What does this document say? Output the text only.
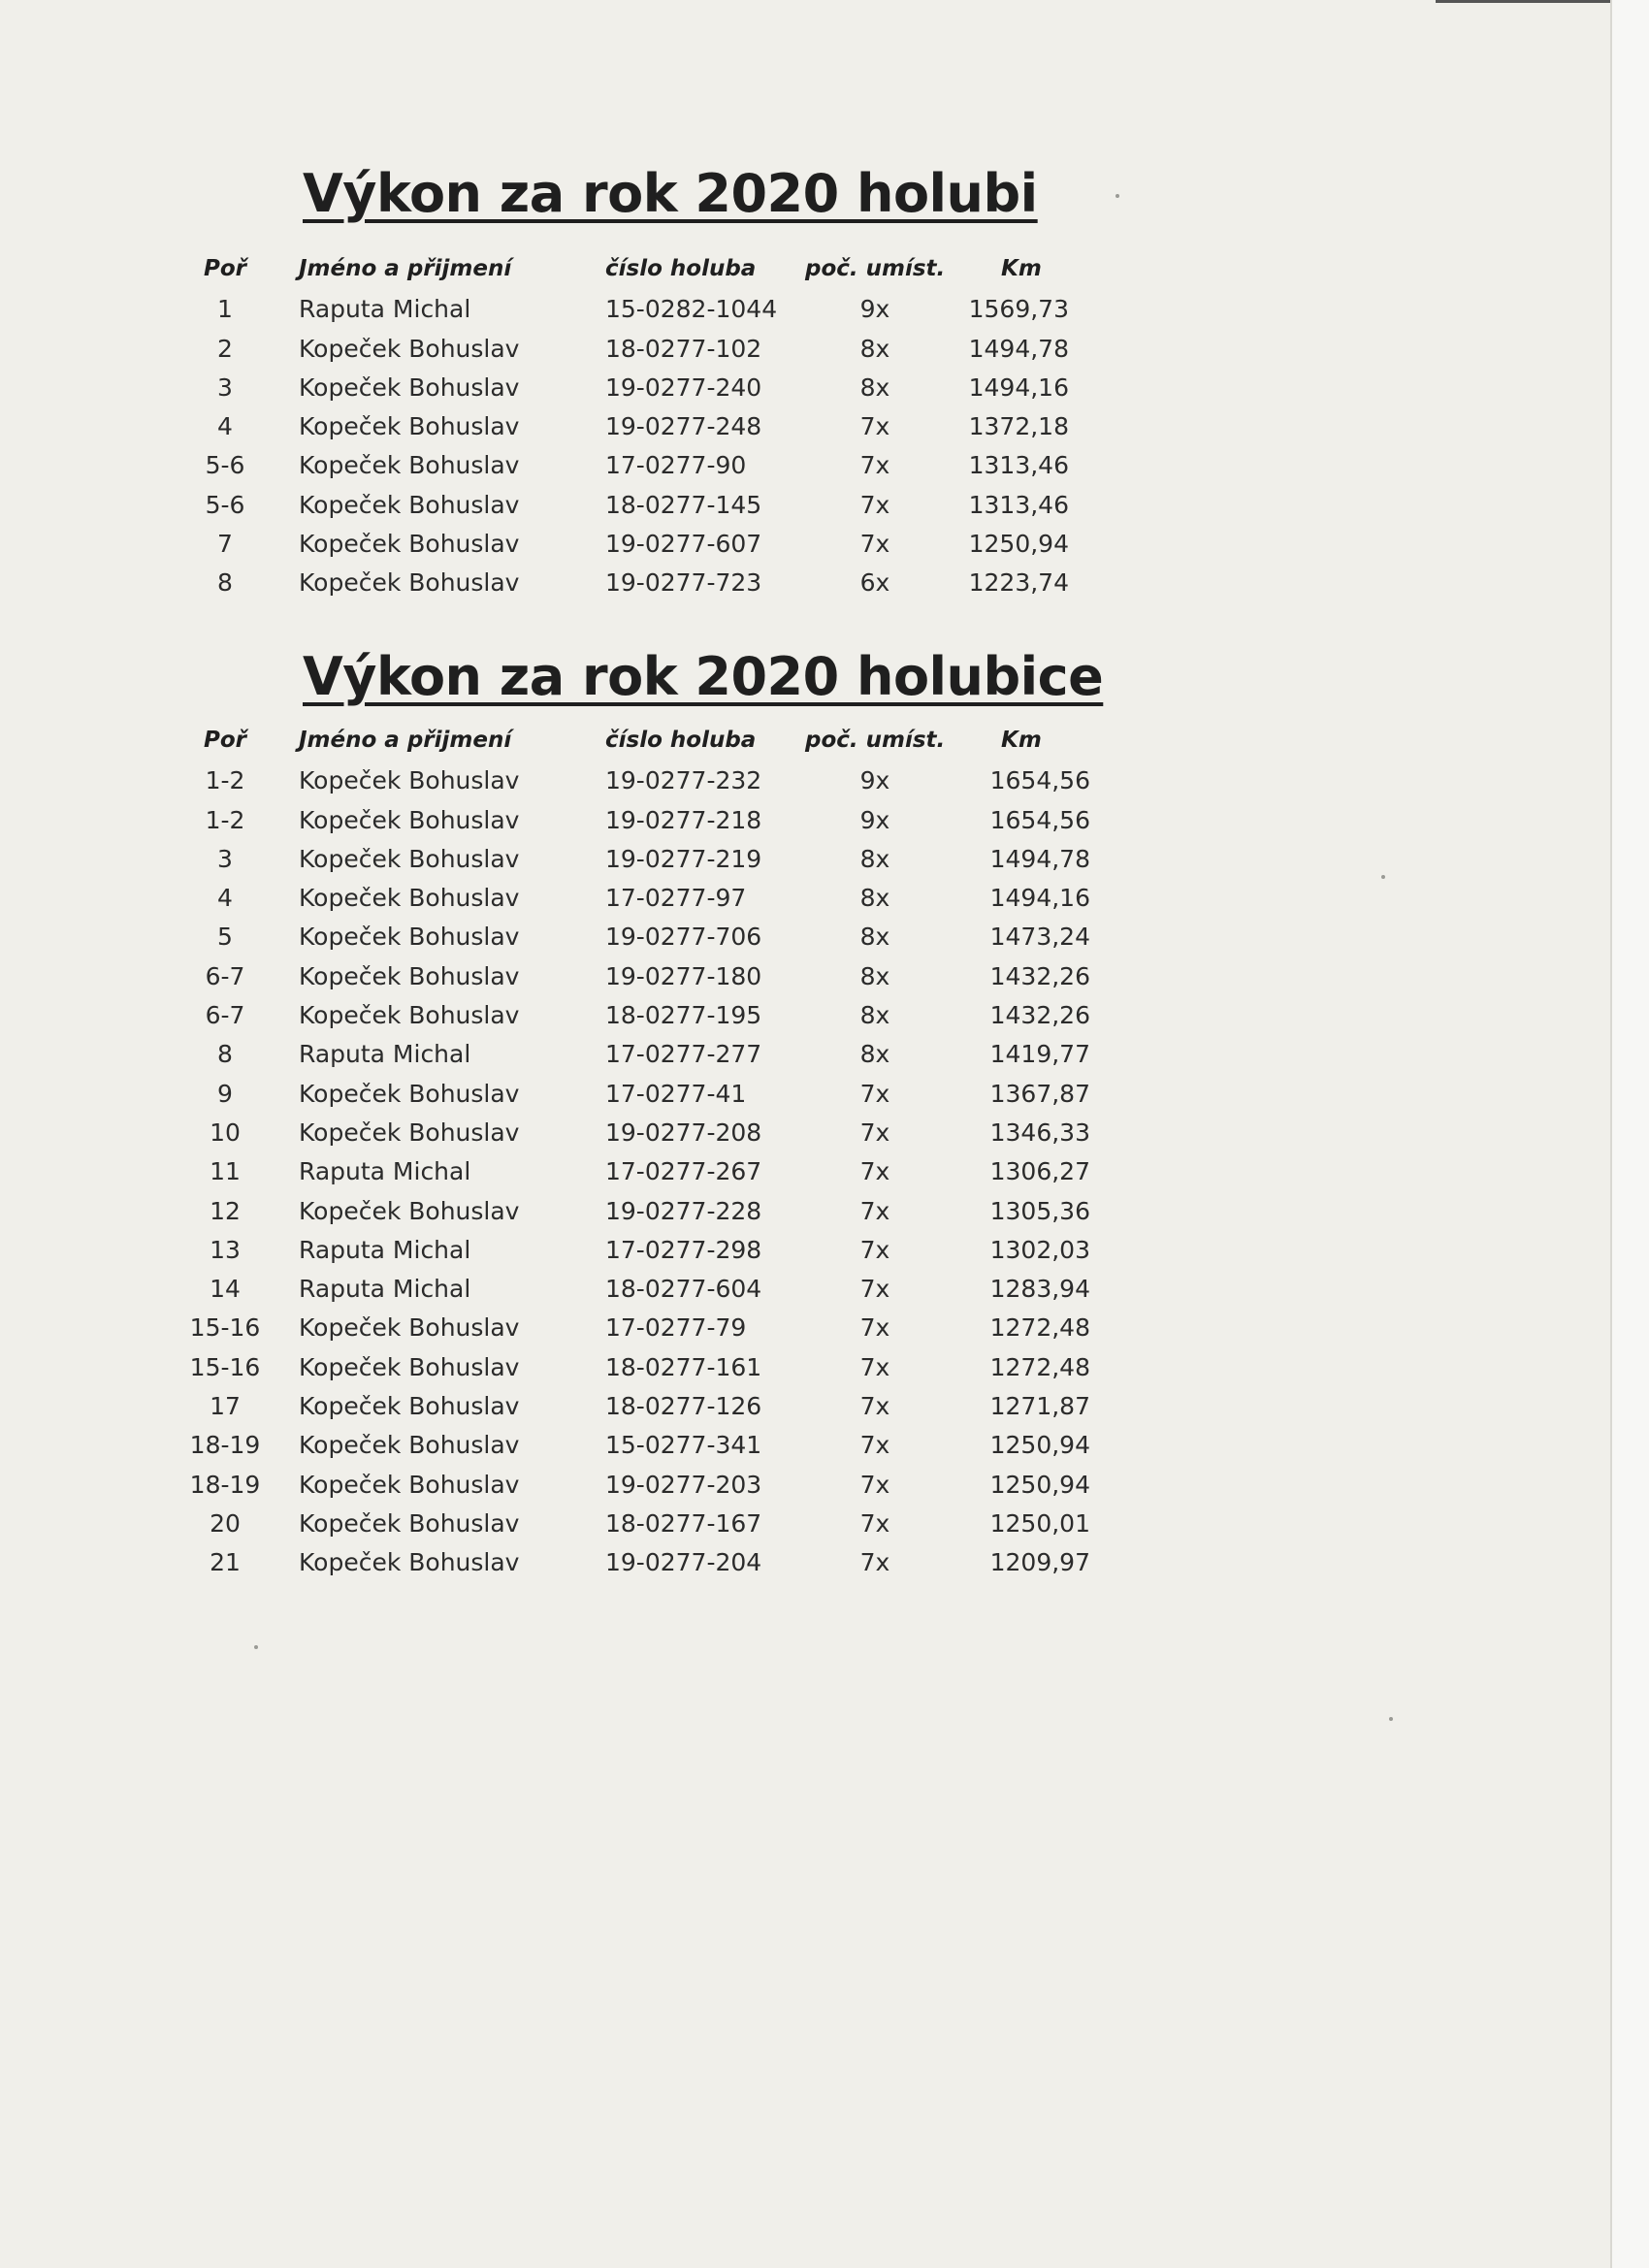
Výkon za rok 2020 holubi
Poř	Jméno a přijmení	číslo holuba poč. umíst.	Km
1	Raputa Michal	15-0282-1044	9x	1569,73
2	Kopeček Bohuslav	18-0277-102	8x	1494,78
3	Kopeček Bohuslav	19-0277-240	8x	1494,16
4	Kopeček Bohuslav	19-0277-248	7x	1372,18
5-6	Kopeček Bohuslav	17-0277-90	7x	1313,46
5-6	Kopeček Bohuslav	18-0277-145	7x	1313,46
7	Kopeček Bohuslav	19-0277-607	7x	1250,94
8	Kopeček Bohuslav	19-0277-723	6x	1223,74
Výkon za rok 2020 holubice
Poř	Jméno a přijmení	číslo holuba poč. umíst.	Km
1-2	Kopeček Bohuslav	19-0277-232	9x	1654,56
1-2	Kopeček Bohuslav	19-0277-218	9x	1654,56
3	Kopeček Bohuslav	19-0277-219	8x	1494,78
4	Kopeček Bohuslav	17-0277-97	8x	1494,16
5	Kopeček Bohuslav	19-0277-706	8x	1473,24
6-7	Kopeček Bohuslav	19-0277-180	8x	1432,26
6-7	Kopeček Bohuslav	18-0277-195	8x	1432,26
8	Raputa Michal	17-0277-277	8x	1419,77
9	Kopeček Bohuslav	17-0277-41	7x	1367,87
10	Kopeček Bohuslav	19-0277-208	7x	1346,33
11	Raputa Michal	17-0277-267	7x	1306,27
12	Kopeček Bohuslav	19-0277-228	7x	1305,36
13	Raputa Michal	17-0277-298	7x	1302,03
14	Raputa Michal	18-0277-604	7x	1283,94
15-16	Kopeček Bohuslav	17-0277-79	7x	1272,48
15-16	Kopeček Bohuslav	18-0277-161	7x	1272,48
17	Kopeček Bohuslav	18-0277-126	7x	1271,87
18-19	Kopeček Bohuslav	15-0277-341	7x	1250,94
18-19	Kopeček Bohuslav	19-0277-203	7x	1250,94
20	Kopeček Bohuslav	18-0277-167	7x	1250,01
21	Kopeček Bohuslav	19-0277-204	7x	1209,97
